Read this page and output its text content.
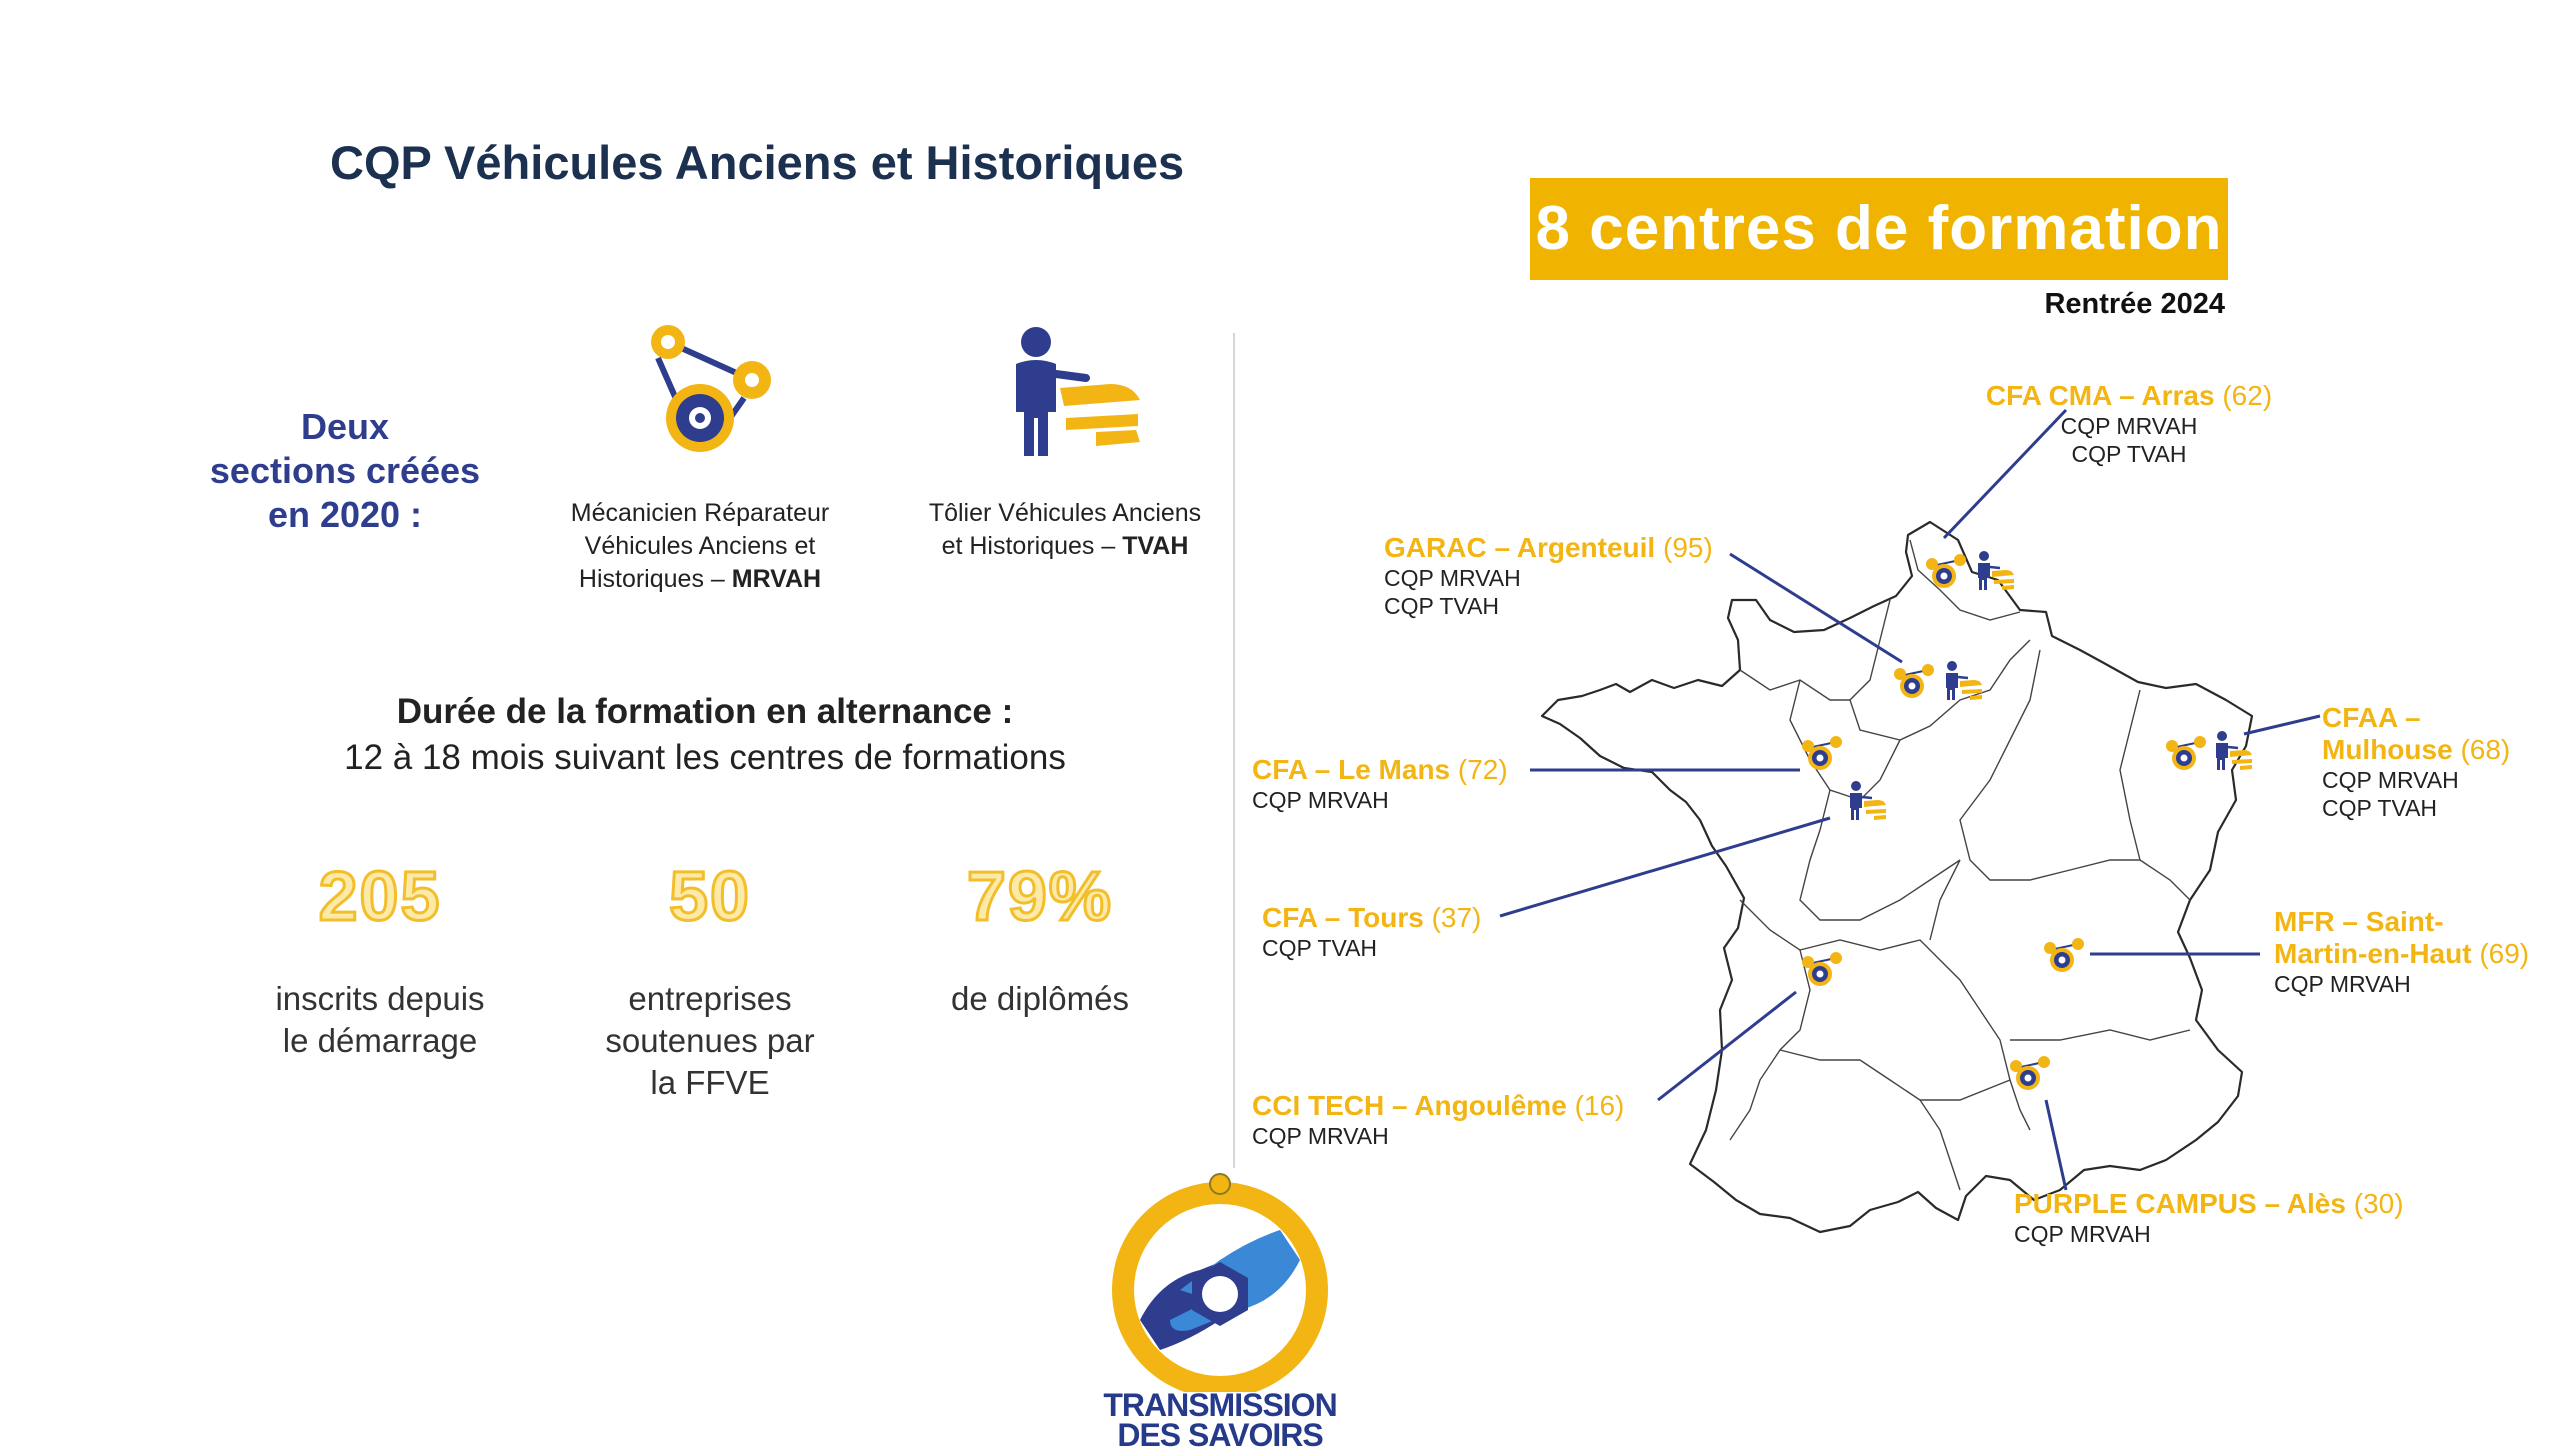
CQP Véhicules Anciens et Historiques
8 centres de formation
Rentrée 2024
Deux
sections créées
en 2020 :	Mécanicien Réparateur
Véhicules Anciens et
Historiques – MRVAH
Tôlier Véhicules Anciens
et Historiques – TVAH
Durée de la formation en alternance :
12 à 18 mois suivant les centres de formations
205	50	79%
inscrits depuis
le démarrage
entreprises
soutenues par
la FFVE
de diplômés
CFA CMA – Arras (62)
CQP MRVAH
CQP TVAH
GARAC – Argenteuil (95)
CQP MRVAH
CQP TVAH
CFAA –
Mulhouse (68)
CQP MRVAH
CQP TVAH
CFA – Le Mans (72)
CQP MRVAH
CFA – Tours (37)
CQP TVAH
MFR – Saint-
Martin-en-Haut (69)
CQP MRVAH
CCI TECH – Angoulême (16)
CQP MRVAH
PURPLE CAMPUS – Alès (30)
CQP MRVAH
TRANSMISSION
DES SAVOIRS
